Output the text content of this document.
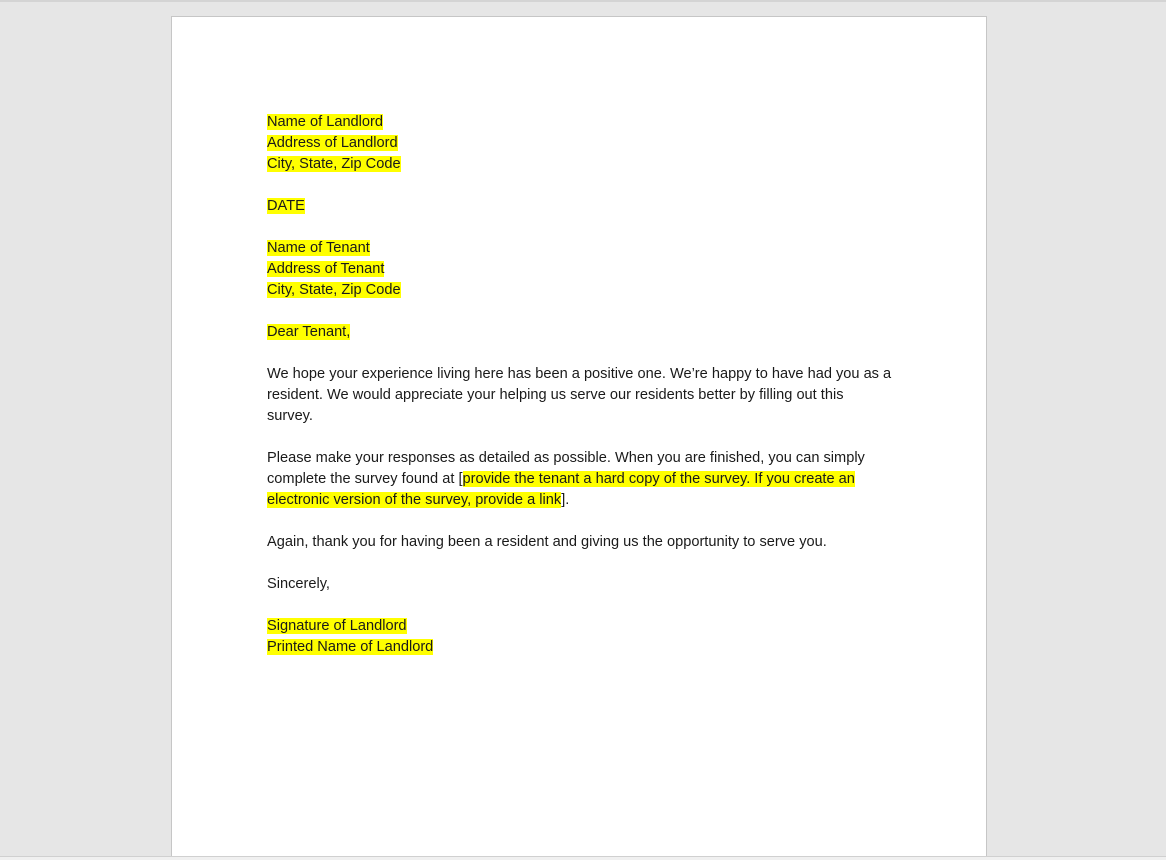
Name of Landlord
Address of Landlord
City, State, Zip Code
DATE
Name of Tenant
Address of Tenant
City, State, Zip Code
Dear Tenant,
We hope your experience living here has been a positive one. We’re happy to have had you as a
resident. We would appreciate your helping us serve our residents better by filling out this
survey.
Please make your responses as detailed as possible. When you are finished, you can simply
complete the survey found at [provide the tenant a hard copy of the survey. If you create an
electronic version of the survey, provide a link].
Again, thank you for having been a resident and giving us the opportunity to serve you.
Sincerely,
Signature of Landlord
Printed Name of Landlord
